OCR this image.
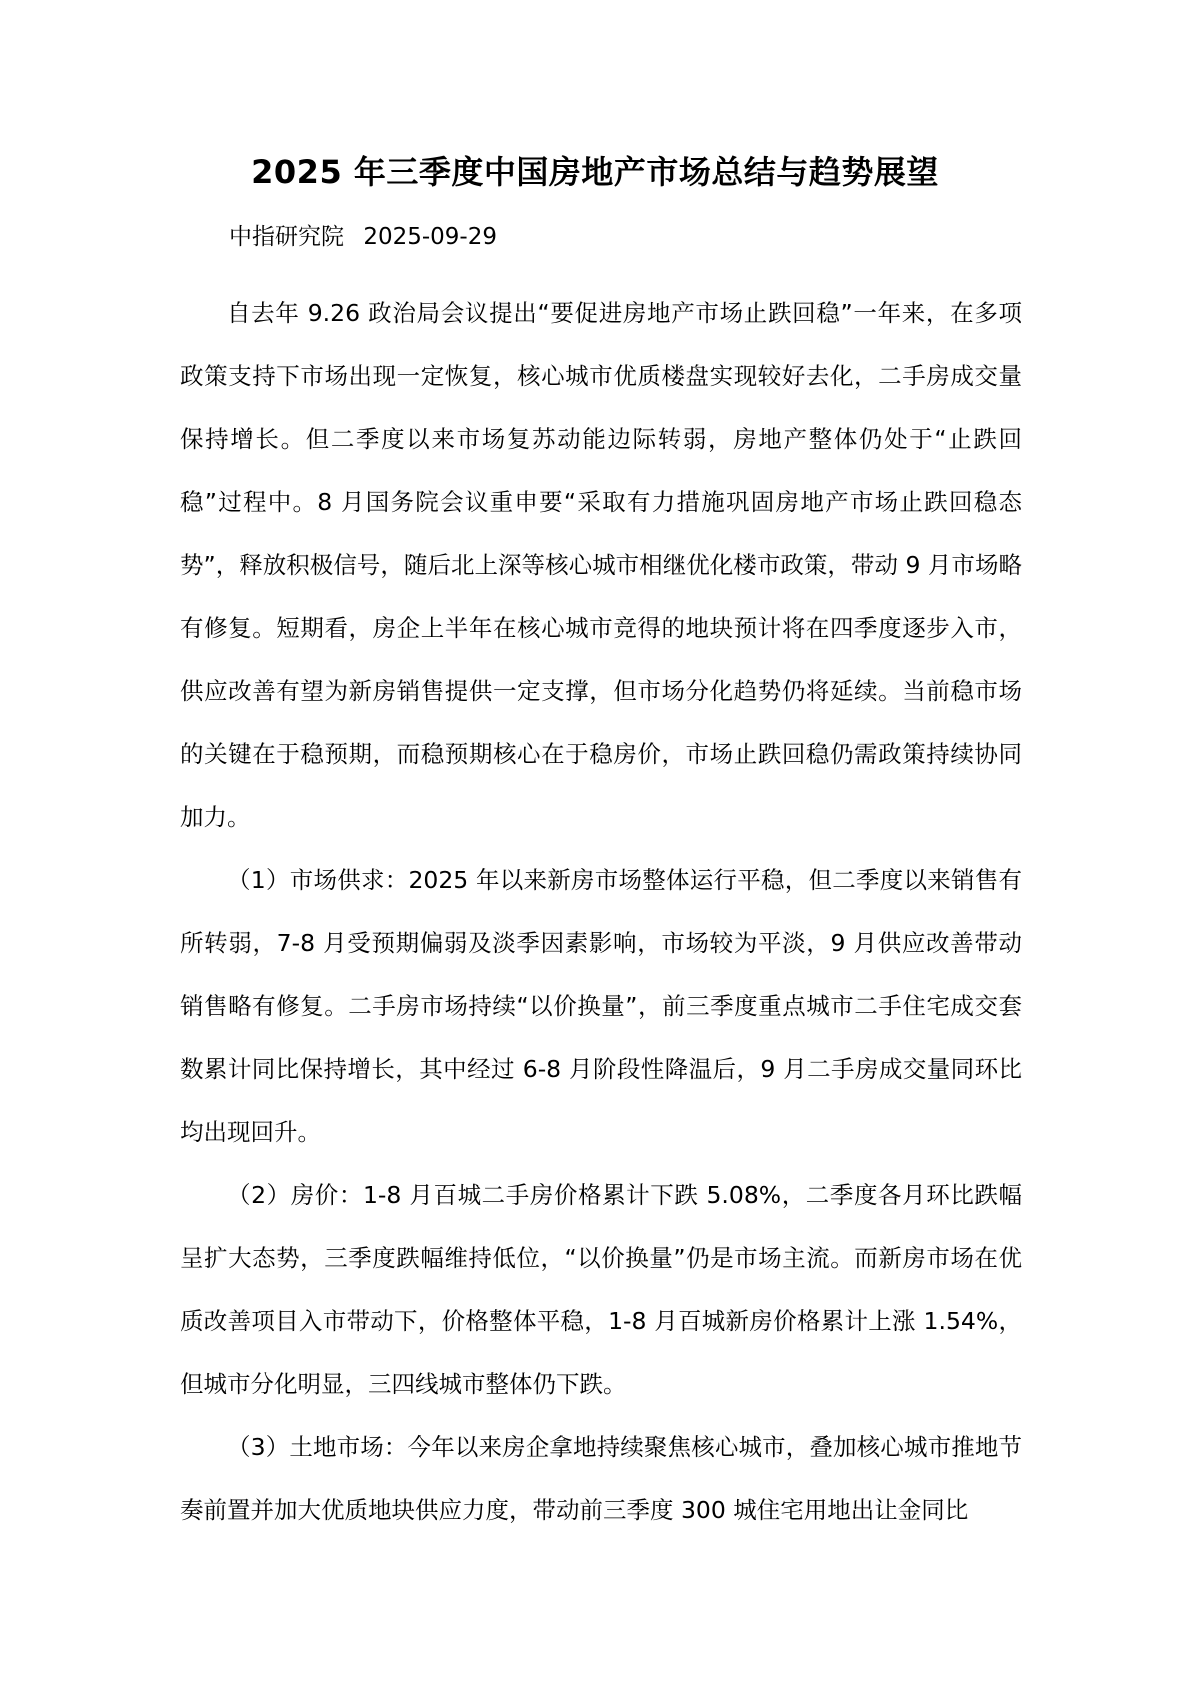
2025 年三季度中国房地产市场总结与趋势展望
中指研究院 2025-09-29

自去年 9.26 政治局会议提出“要促进房地产市场止跌回稳”一年来，在多项政策支持下市场出现一定恢复，核心城市优质楼盘实现较好去化，二手房成交量保持增长。但二季度以来市场复苏动能边际转弱，房地产整体仍处于“止跌回稳”过程中。8 月国务院会议重申要“采取有力措施巩固房地产市场止跌回稳态势”，释放积极信号，随后北上深等核心城市相继优化楼市政策，带动 9 月市场略有修复。短期看，房企上半年在核心城市竞得的地块预计将在四季度逐步入市，供应改善有望为新房销售提供一定支撑，但市场分化趋势仍将延续。当前稳市场的关键在于稳预期，而稳预期核心在于稳房价，市场止跌回稳仍需政策持续协同加力。

（1）市场供求：2025 年以来新房市场整体运行平稳，但二季度以来销售有所转弱，7-8 月受预期偏弱及淡季因素影响，市场较为平淡，9 月供应改善带动销售略有修复。二手房市场持续“以价换量”，前三季度重点城市二手住宅成交套数累计同比保持增长，其中经过 6-8 月阶段性降温后，9 月二手房成交量同环比均出现回升。

（2）房价：1-8 月百城二手房价格累计下跌 5.08%，二季度各月环比跌幅呈扩大态势，三季度跌幅维持低位，“以价换量”仍是市场主流。而新房市场在优质改善项目入市带动下，价格整体平稳，1-8 月百城新房价格累计上涨 1.54%，但城市分化明显，三四线城市整体仍下跌。

（3）土地市场：今年以来房企拿地持续聚焦核心城市，叠加核心城市推地节奏前置并加大优质地块供应力度，带动前三季度 300 城住宅用地出让金同比
